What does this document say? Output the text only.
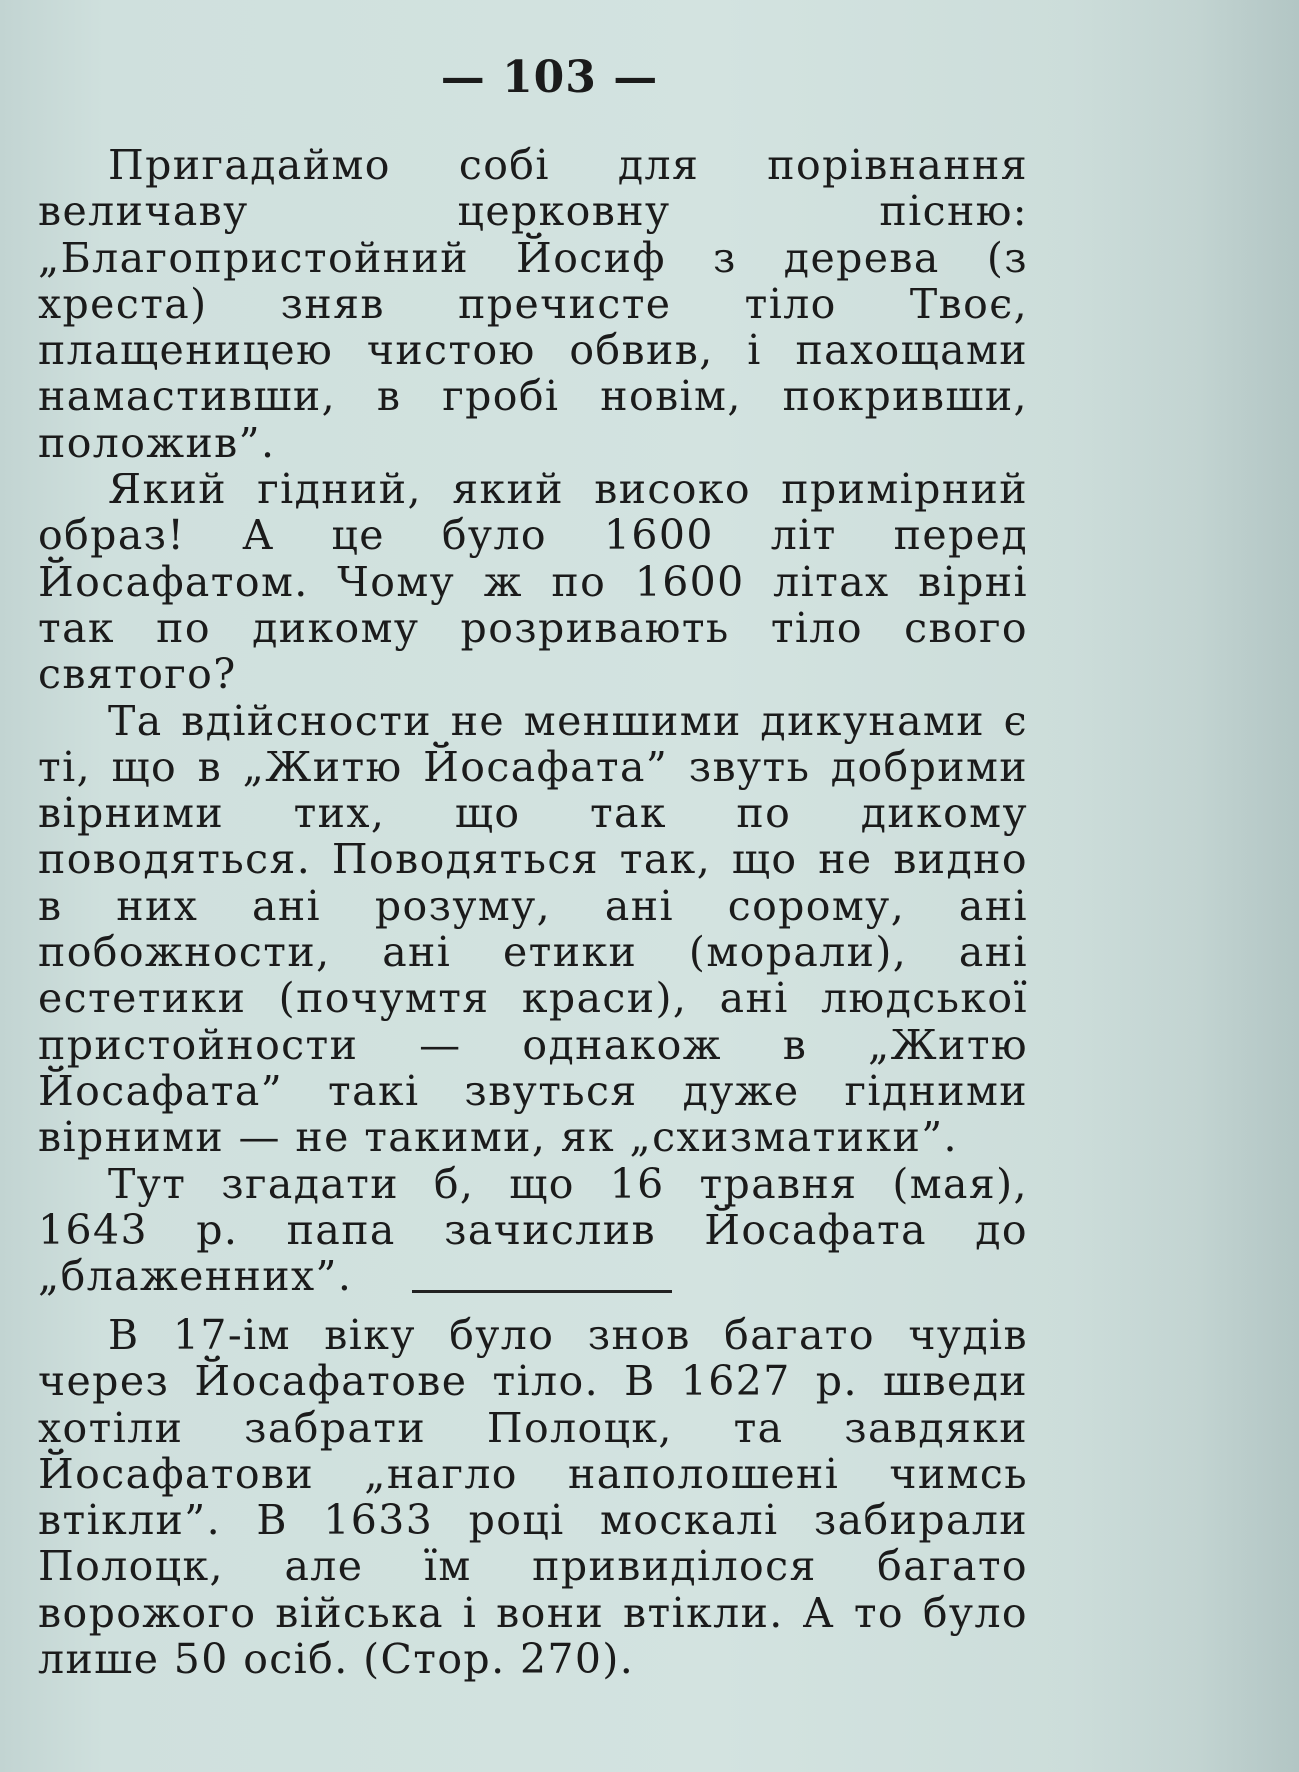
— 103 —

Пригадаймо собі для порівнання величаву церковну пісню: „Благопристойний Йосиф з дерева (з хреста) зняв пречисте тіло Твоє, плащеницею чистою обвив, і пахощами намастивши, в гробі новім, покривши, положив”.

Який гідний, який високо примірний образ! А це було 1600 літ перед Йосафатом. Чому ж по 1600 літах вірні так по дикому розривають тіло свого святого?

Та вдійсности не меншими дикунами є ті, що в „Житю Йосафата” звуть добрими вірними тих, що так по дикому поводяться. Поводяться так, що не видно в них ані розуму, ані сорому, ані побожности, ані етики (морали), ані естетики (почумтя краси), ані людської пристойности — однакож в „Житю Йосафата” такі звуться дуже гідними вірними — не такими, як „схизматики”.

Тут згадати б, що 16 травня (мая), 1643 р. папа зачислив Йосафата до „блаженних”.

В 17-ім віку було знов багато чудів через Йосафатове тіло. В 1627 р. шведи хотіли забрати Полоцк, та завдяки Йосафатови „нагло наполошені чимсь втікли”. В 1633 році москалі забирали Полоцк, але їм привиділося багато ворожого війська і вони втікли. А то було лише 50 осіб. (Стор. 270).
